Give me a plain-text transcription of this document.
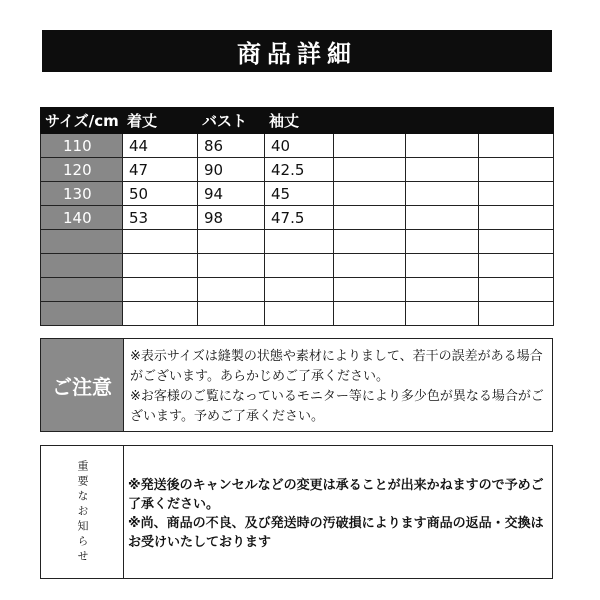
商品詳細
サイズ/cm	着丈	バスト	袖丈			
110	44	86	40			
120	47	90	42.5			
130	50	94	45			
140	53	98	47.5			

ご注意
※表示サイズは縫製の状態や素材によりまして、若干の誤差がある場合がございます。あらかじめご了承ください。
※お客様のご覧になっているモニター等により多少色が異なる場合がございます。予めご了承ください。
重要なお知らせ	※発送後のキャンセルなどの変更は承ることが出来かねますので予めご了承ください。
※尚、商品の不良、及び発送時の汚破損によります商品の返品・交換はお受けいたしております
